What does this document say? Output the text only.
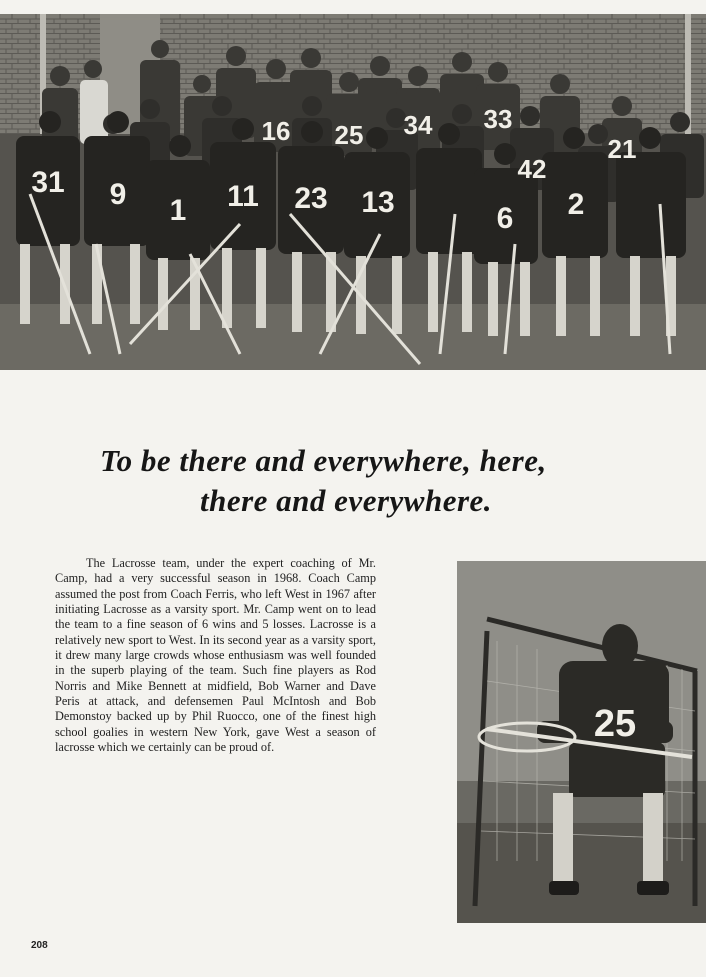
31 9 1 11 23 13	6 2
16 25 34 33
42
21
To be there and everywhere, here,
there and everywhere.

The Lacrosse team, under the expert coaching of Mr. Camp, had a very successful season in 1968. Coach Camp assumed the post from Coach Ferris, who left West in 1967 after initiating Lacrosse as a varsity sport. Mr. Camp went on to lead the team to a fine season of 6 wins and 5 losses. Lacrosse is a relatively new sport to West. In its second year as a varsity sport, it drew many large crowds whose enthusiasm was well founded in the superb playing of the team. Such fine players as Rod Norris and Mike Bennett at midfield, Bob Warner and Dave Peris at attack, and defensemen Paul McIntosh and Bob Demonstoy backed up by Phil Ruocco, one of the finest high school goalies in western New York, gave West a season of lacrosse which we certainly can be proud of.

25
208
